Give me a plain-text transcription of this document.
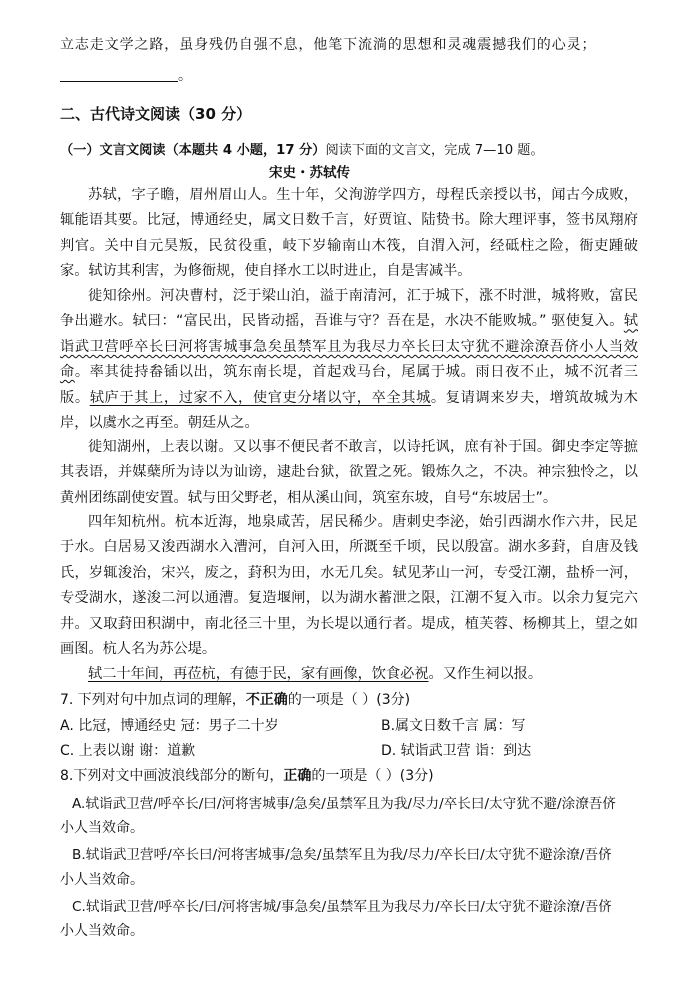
立志走文学之路，虽身残仍自强不息，他笔下流淌的思想和灵魂震撼我们的心灵；
。
二、古代诗文阅读（30 分）
（一）文言文阅读（本题共 4 小题，17 分）阅读下面的文言文，完成 7—10 题。
宋史・苏轼传
苏轼，字子瞻，眉州眉山人。生十年，父洵游学四方，母程氏亲授以书，闻古今成败，辄能语其要。比冠，博通经史，属文日数千言，好贾谊、陆贽书。除大理评事，签书凤翔府判官。关中自元昊叛，民贫役重，岐下岁输南山木筏，自渭入河，经砥柱之险，衙吏踵破家。轼访其利害，为修衙规，使自择水工以时进止，自是害减半。
徙知徐州。河决曹村，泛于梁山泊，溢于南清河，汇于城下，涨不时泄，城将败，富民争出避水。轼曰：“富民出，民皆动摇，吾谁与守？吾在是，水决不能败城。” 驱使复入。轼诣武卫营呼卒长曰河将害城事急矣虽禁军且为我尽力卒长曰太守犹不避涂潦吾侪小人当效命。率其徒持畚锸以出，筑东南长堤，首起戏马台，尾属于城。雨日夜不止，城不沉者三版。轼庐于其上，过家不入，使官吏分堵以守，卒全其城。复请调来岁夫，增筑故城为木岸，以虞水之再至。朝廷从之。
徙知湖州，上表以谢。又以事不便民者不敢言，以诗托讽，庶有补于国。御史李定等摭其表语，并媒蘖所为诗以为讪谤，逮赴台狱，欲置之死。锻炼久之，不决。神宗独怜之，以黄州团练副使安置。轼与田父野老，相从溪山间，筑室东坡，自号“东坡居士”。
四年知杭州。杭本近海，地泉咸苦，居民稀少。唐刺史李泌，始引西湖水作六井，民足于水。白居易又浚西湖水入漕河，自河入田，所溉至千顷，民以殷富。湖水多葑，自唐及钱氏，岁辄浚治，宋兴，废之，葑积为田，水无几矣。轼见茅山一河，专受江潮，盐桥一河，专受湖水，遂浚二河以通漕。复造堰闸，以为湖水蓄泄之限，江潮不复入市。以余力复完六井。又取葑田积湖中，南北径三十里，为长堤以通行者。堤成，植芙蓉、杨柳其上，望之如画图。杭人名为苏公堤。
轼二十年间，再莅杭，有德于民，家有画像，饮食必祝。又作生祠以报。
7. 下列对句中加点词的理解，不正确的一项是（ ）(3分)
A. 比冠，博通经史 冠：男子二十岁	B.属文日数千言 属：写
C. 上表以谢 谢：道歉	D. 轼诣武卫营 诣：到达
8.下列对文中画波浪线部分的断句，正确的一项是（ ）(3分)
A.轼诣武卫营/呼卒长/曰/河将害城事/急矣/虽禁军且为我/尽力/卒长曰/太守犹不避/涂潦吾侪
小人当效命。
B.轼诣武卫营呼/卒长曰/河将害城事/急矣/虽禁军且为我/尽力/卒长曰/太守犹不避涂潦/吾侪
小人当效命。
C.轼诣武卫营/呼卒长/曰/河将害城/事急矣/虽禁军且为我尽力/卒长曰/太守犹不避涂潦/吾侪
小人当效命。
